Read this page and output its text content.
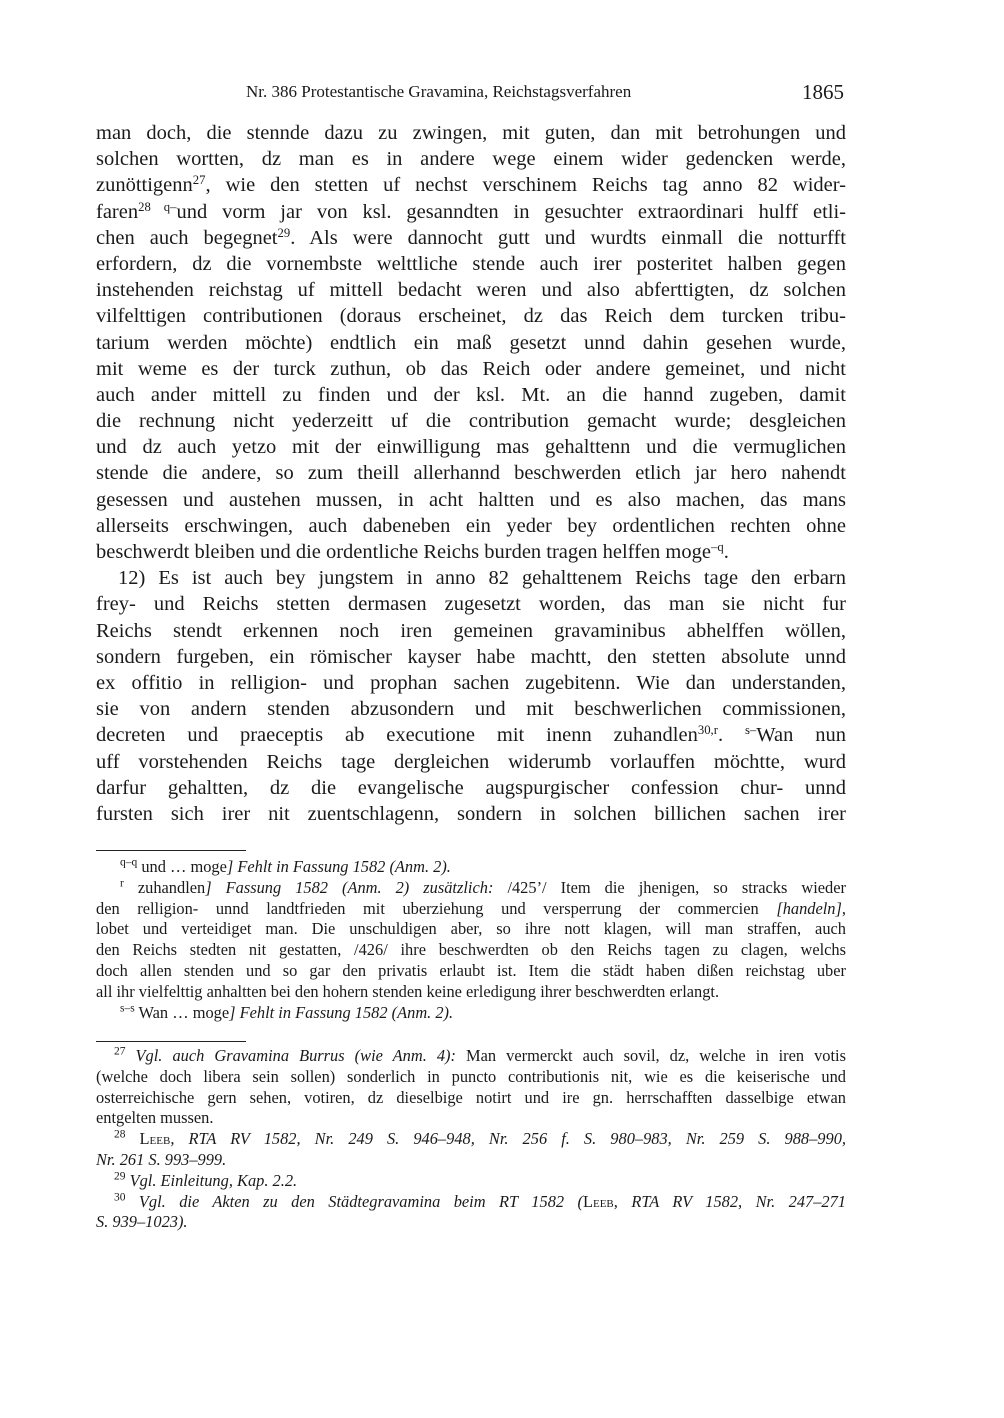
Nr. 386 Protestantische Gravamina, Reichstagsverfahren	1865
man doch, die stennde dazu zu zwingen, mit guten, dan mit betrohungen und
solchen wortten, dz man es in andere wege einem wider gedencken werde,
zunöttigenn$^{27}$, wie den stetten uf nechst verschinem Reichs tag anno 82 wider-
faren$^{28 q-}$und vorm jar von ksl. gesanndten in gesuchter extraordinari hulff etli-
chen auch begegnet$^{29}$. Als were dannocht gutt und wurdts einmall die notturfft
erfordern, dz die vornembste welttliche stende auch irer posteritet halben gegen
instehenden reichstag uf mittell bedacht weren und also abferttigten, dz solchen
vilfelttigen contributionen (doraus erscheinet, dz das Reich dem turcken tribu-
tarium werden möchte) endtlich ein maß gesetzt unnd dahin gesehen wurde,
mit weme es der turck zuthun, ob das Reich oder andere gemeinet, und nicht
auch ander mittell zu finden und der ksl. Mt. an die hannd zugeben, damit
die rechnung nicht yederzeitt uf die contribution gemacht wurde; desgleichen
und dz auch yetzo mit der einwilligung mas gehalttenn und die vermuglichen
stende die andere, so zum theill allerhannd beschwerden etlich jar hero nahendt
gesessen und austehen mussen, in acht haltten und es also machen, das mans
allerseits erschwingen, auch dabeneben ein yeder bey ordentlichen rechten ohne
beschwerdt bleiben und die ordentliche Reichs burden tragen helffen moge$^{-q}$.
12) Es ist auch bey jungstem in anno 82 gehalttenem Reichs tage den erbarn
frey- und Reichs stetten dermasen zugesetzt worden, das man sie nicht fur
Reichs stendt erkennen noch iren gemeinen gravaminibus abhelffen wöllen,
sondern furgeben, ein römischer kayser habe machtt, den stetten absolute unnd
ex offitio in relligion- und prophan sachen zugebitenn. Wie dan understanden,
sie von andern stenden abzusondern und mit beschwerlichen commissionen,
decreten und praeceptis ab executione mit inenn zuhandlen$^{30,r}$. $^{s-}$Wan nun
uff vorstehenden Reichs tage dergleichen widerumb vorlauffen möchtte, wurd
darfur gehaltten, dz die evangelische augspurgischer confession chur- unnd
fursten sich irer nit zuentschlagenn, sondern in solchen billichen sachen irer
$^{q-q}$ und … moge] Fehlt in Fassung 1582 (Anm. 2).
$^r$ zuhandlen] Fassung 1582 (Anm. 2) zusätzlich: /425’/ Item die jhenigen, so stracks wieder
den relligion- unnd landtfrieden mit uberziehung und versperrung der commercien [handeln],
lobet und verteidiget man. Die unschuldigen aber, so ihre nott klagen, will man straffen, auch
den Reichs stedten nit gestatten, /426/ ihre beschwerdten ob den Reichs tagen zu clagen, welchs
doch allen stenden und so gar den privatis erlaubt ist. Item die städt haben dißen reichstag uber
all ihr vielfelttig anhaltten bei den hohern stenden keine erledigung ihrer beschwerdten erlangt.
$^{s-s}$ Wan … moge] Fehlt in Fassung 1582 (Anm. 2).
$^{27}$ Vgl. auch Gravamina Burrus (wie Anm. 4): Man vermerckt auch sovil, dz, welche in iren votis
(welche doch libera sein sollen) sonderlich in puncto contributionis nit, wie es die keiserische und
osterreichische gern sehen, votiren, dz dieselbige notirt und ire gn. herrschafften dasselbige etwan
entgelten mussen.
$^{28}$ Leeb, RTA RV 1582, Nr. 249 S. 946–948, Nr. 256 f. S. 980–983, Nr. 259 S. 988–990,
Nr. 261 S. 993–999.
$^{29}$ Vgl. Einleitung, Kap. 2.2.
$^{30}$ Vgl. die Akten zu den Städtegravamina beim RT 1582 (Leeb, RTA RV 1582, Nr. 247–271
S. 939–1023).
